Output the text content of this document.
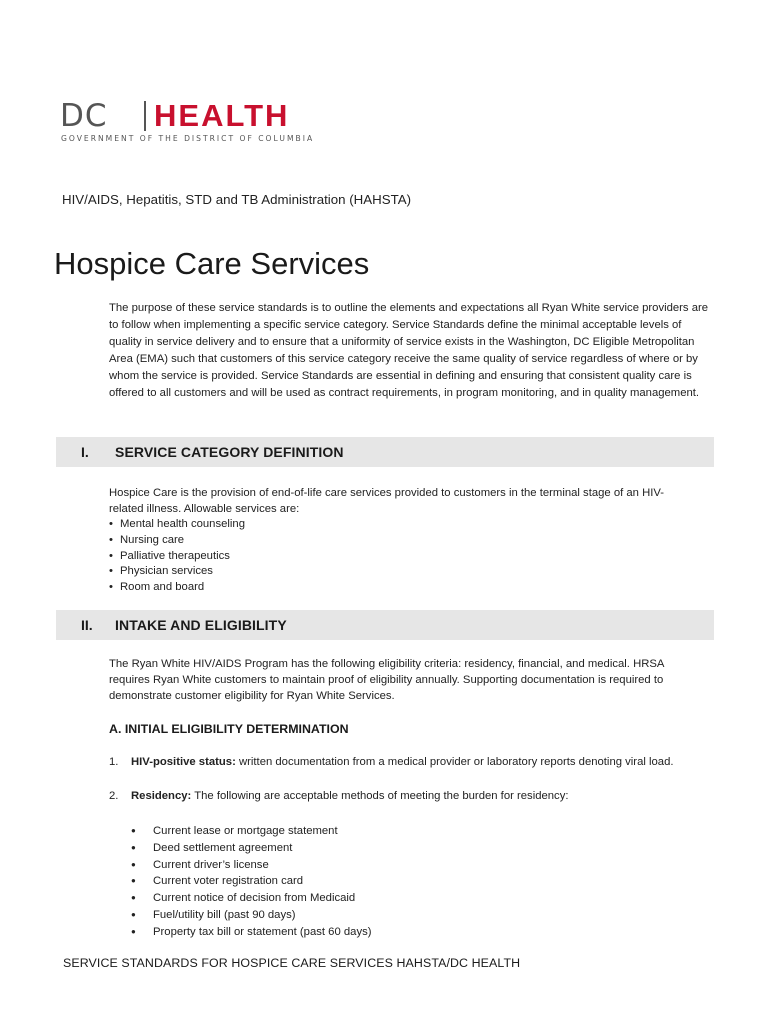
DC HEALTH
GOVERNMENT OF THE DISTRICT OF COLUMBIA
HIV/AIDS, Hepatitis, STD and TB Administration (HAHSTA)
Hospice Care Services

The purpose of these service standards is to outline the elements and expectations all Ryan White service providers are to follow when implementing a specific service category. Service Standards define the minimal acceptable levels of quality in service delivery and to ensure that a uniformity of service exists in the Washington, DC Eligible Metropolitan Area (EMA) such that customers of this service category receive the same quality of service regardless of where or by whom the service is provided. Service Standards are essential in defining and ensuring that consistent quality care is offered to all customers and will be used as contract requirements, in program monitoring, and in quality management.

I. SERVICE CATEGORY DEFINITION

Hospice Care is the provision of end-of-life care services provided to customers in the terminal stage of an HIV-related illness. Allowable services are:

• Mental health counseling
• Nursing care
• Palliative therapeutics
• Physician services
• Room and board
II. INTAKE AND ELIGIBILITY

The Ryan White HIV/AIDS Program has the following eligibility criteria: residency, financial, and medical. HRSA requires Ryan White customers to maintain proof of eligibility annually. Supporting documentation is required to demonstrate customer eligibility for Ryan White Services.

A. INITIAL ELIGIBILITY DETERMINATION
1. HIV-positive status: written documentation from a medical provider or laboratory reports denoting viral load.
2. Residency: The following are acceptable methods of meeting the burden for residency:
● Current lease or mortgage statement
● Deed settlement agreement
● Current driver’s license
● Current voter registration card
● Current notice of decision from Medicaid
● Fuel/utility bill (past 90 days)
● Property tax bill or statement (past 60 days)
SERVICE STANDARDS FOR HOSPICE CARE SERVICES HAHSTA/DC HEALTH
